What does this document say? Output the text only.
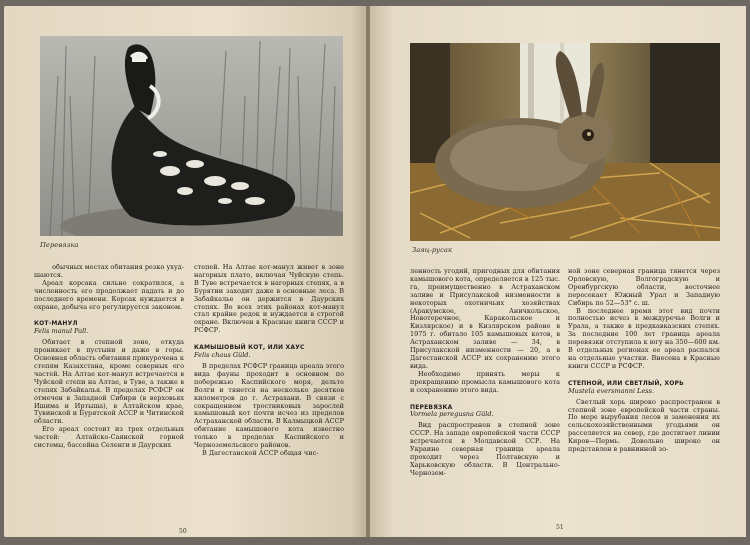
Перевязка

обычных местах обитания резко ухуд-

шаются.

Ареал корсака сильно сократился, а численность его продолжает падать и до последнего времени. Корсак нуждается в охране, добыча его регулируется законом.

КОТ-МАНУЛ

Felis manul Pall.

Обитает в степной зоне, откуда проникает в пустыни и даже в горы. Основная область обитания прикурочена к степям Казахстана, кроме северных его частей. На Алтае кот-манул встречается в Чуйской степи на Алтае, в Туве, а также в степях Забайкалья. В пределах РСФСР он отмечен в Западной Сибири (в верховьях Ишима и Иртыша), в Алтайском крае, Тувинской и Бурятской АССР и Читинской области.

Его ареал состоит из трех отдельных частей: Алтайско-Саянской горной системы, бассейна Селенги и Даурских

степей. На Алтае кот-манул живет в зоне нагорных плато, включая Чуйскую степь. В Туве встречается в нагорных степях, а в Бурятии заходит даже в основные леса. В Забайкалье он держится в Даурских степях. Во всех этих районах кот-манул стал крайне редок и нуждается в строгой охране. Включен в Красные книги СССР и РСФСР.

КАМЫШОВЫЙ КОТ, ИЛИ ХАУС

Felis chaus Güld.

В пределах РСФСР граница ареала этого вида фауны проходит в основном по побережью Каспийского моря, дельте Волги и тянется на несколько десятков километров до г. Астрахани. В связи с сокращением тростниковых зарослей камышовый кот почти исчез из пределов Астраханской области. В Калмыцкой АССР обитание камышового кота известно только в пределах Каспийского и Черноземельского районов.

В Дагестанской АССР общая чис-

50
Заяц-русак

ленность угодий, пригодных для обитания камышового кота, определяется в 125 тыс. га, преимущественно в Астраханском заливе и Присулакской низменности в некоторых охотничьих хозяйствах (Аракумское, Аничкольское, Новотеречное, Каракольское и Кизлярское) и в Кизлярском районе в 1975 г. обитало 105 камышовых котов, в Астраханском заливе — 34, в Присулакской низменности — 20, а в Дагестанской АССР их сохранению этого вида.

Необходимо принять меры к прекращению промысла камышового кота и сохранению этого вида.

ПЕРЕВЯЗКА

Vormela peregusna Güld.

Вид распространен в степной зоне СССР. На западе европейской части СССР встречается в Молдавской ССР. На Украине северная граница ареала проходит через Полтавскую и Харьковскую области. В Центрально-Чернозем-

ной зоне северная граница тянется через Орловскую, Волгоградскую и Оренбургскую области, восточнее пересекает Южный Урал и Западную Сибирь по 52—53° с. ш.

В последнее время этот вид почти полностью исчез в междуречье Волги и Урала, а также в предкавказских степях. За последние 100 лет граница ареала перевязки отступила к югу на 350—600 км. В отдельных регионах ее ареал распался на отдельные участки. Внесена в Красные книги СССР и РСФСР.

СТЕПНОЙ, ИЛИ СВЕТЛЫЙ, ХОРЬ

Mustela eversmanni Less.

Светлый хорь широко распространен в степной зоне европейской части страны. По мере вырубания лесов и заменения их сельскохозяйственными угодьями он расселяется на север, где достигает линии Киров—Пермь. Довольно широко он представлен в равнинной зо-

51
